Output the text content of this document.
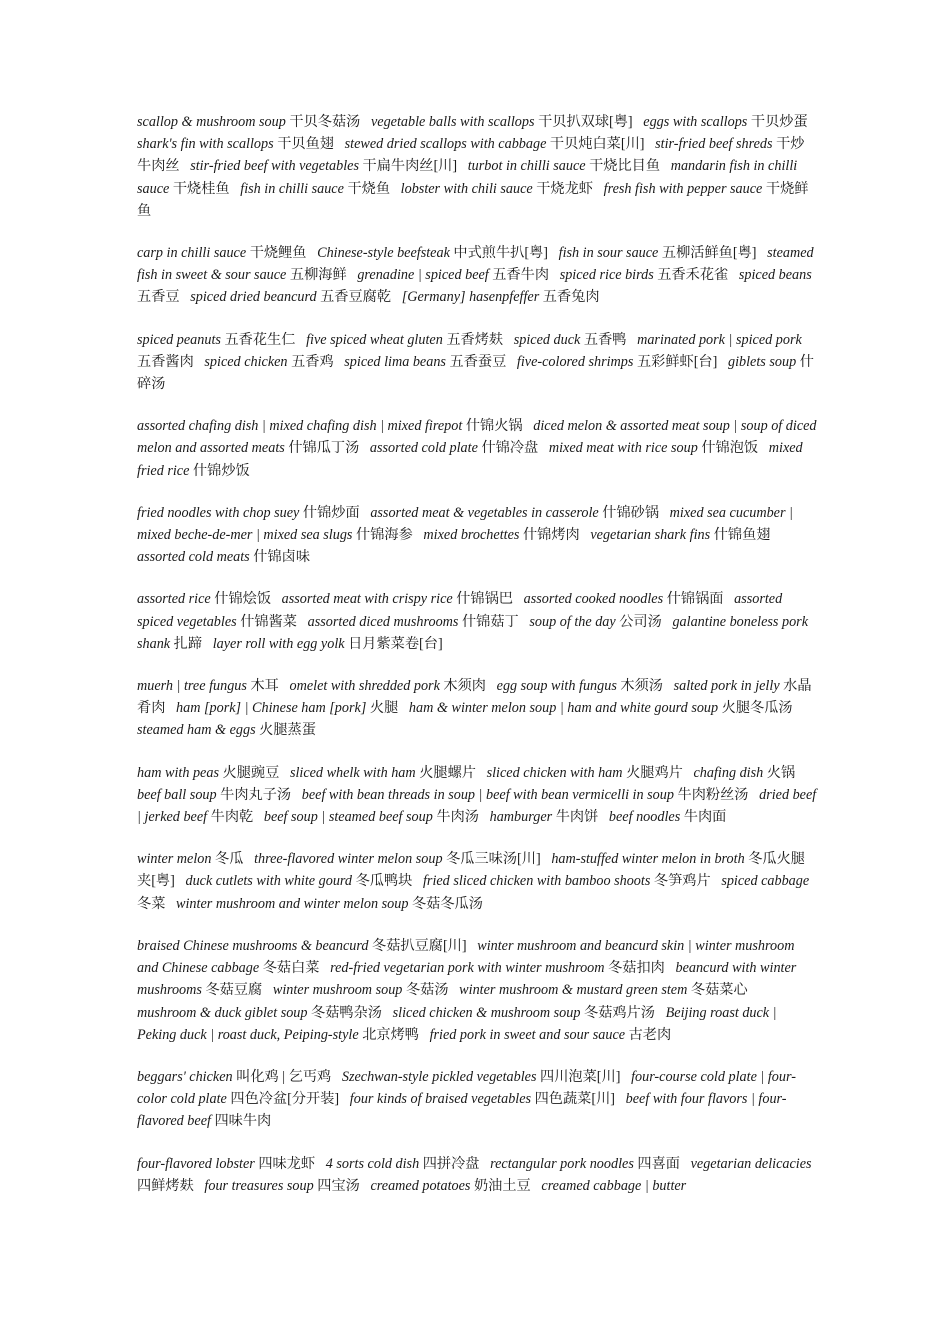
scallop & mushroom soup 干贝冬菇汤  vegetable balls with scallops 干贝扒双球[粤]  eggs with scallops 干贝炒蛋  shark's fin with scallops 干贝鱼翅  stewed dried scallops with cabbage 干贝炖白菜[川]  stir-fried beef shreds 干炒牛肉丝  stir-fried beef with vegetables 干扁牛肉丝[川]  turbot in chilli sauce 干烧比目鱼  mandarin fish in chilli sauce 干烧桂鱼  fish in chilli sauce 干烧鱼  lobster with chili sauce 干烧龙虾  fresh fish with pepper sauce 干烧鲜鱼

carp in chilli sauce 干烧鲤鱼  Chinese-style beefsteak 中式煎牛扒[粤]  fish in sour sauce 五柳活鲜鱼[粤]  steamed fish in sweet & sour sauce 五柳海鲜  grenadine | spiced beef 五香牛肉  spiced rice birds 五香禾花雀  spiced beans 五香豆  spiced dried beancurd 五香豆腐乾  [Germany] hasenpfeffer 五香兔肉

spiced peanuts 五香花生仁  five spiced wheat gluten 五香烤麸  spiced duck 五香鸭  marinated pork | spiced pork 五香酱肉  spiced chicken 五香鸡  spiced lima beans 五香蚕豆  five-colored shrimps 五彩鲜虾[台]  giblets soup 什碎汤

assorted chafing dish | mixed chafing dish | mixed firepot 什锦火锅  diced melon & assorted meat soup | soup of diced melon and assorted meats 什锦瓜丁汤  assorted cold plate 什锦冷盘  mixed meat with rice soup 什锦泡饭  mixed fried rice 什锦炒饭

fried noodles with chop suey 什锦炒面  assorted meat & vegetables in casserole 什锦砂锅  mixed sea cucumber | mixed beche-de-mer | mixed sea slugs 什锦海参  mixed brochettes 什锦烤肉  vegetarian shark fins 什锦鱼翅  assorted cold meats 什锦卤味

assorted rice 什锦烩饭  assorted meat with crispy rice 什锦锅巴  assorted cooked noodles 什锦锅面  assorted spiced vegetables 什锦酱菜  assorted diced mushrooms 什锦菇丁  soup of the day 公司汤  galantine boneless pork shank 扎蹄  layer roll with egg yolk 日月紫菜卷[台]

muerh | tree fungus 木耳  omelet with shredded pork 木须肉  egg soup with fungus 木须汤  salted pork in jelly 水晶肴肉  ham [pork] | Chinese ham [pork] 火腿  ham & winter melon soup | ham and white gourd soup 火腿冬瓜汤  steamed ham & eggs 火腿蒸蛋

ham with peas 火腿豌豆  sliced whelk with ham 火腿螺片  sliced chicken with ham 火腿鸡片  chafing dish 火锅  beef ball soup 牛肉丸子汤  beef with bean threads in soup | beef with bean vermicelli in soup 牛肉粉丝汤  dried beef | jerked beef 牛肉乾  beef soup | steamed beef soup 牛肉汤  hamburger 牛肉饼  beef noodles 牛肉面

winter melon 冬瓜  three-flavored winter melon soup 冬瓜三味汤[川]  ham-stuffed winter melon in broth 冬瓜火腿夹[粤]  duck cutlets with white gourd 冬瓜鸭块  fried sliced chicken with bamboo shoots 冬笋鸡片  spiced cabbage 冬菜  winter mushroom and winter melon soup 冬菇冬瓜汤

braised Chinese mushrooms & beancurd 冬菇扒豆腐[川]  winter mushroom and beancurd skin | winter mushroom and Chinese cabbage 冬菇白菜  red-fried vegetarian pork with winter mushroom 冬菇扣肉  beancurd with winter mushrooms 冬菇豆腐  winter mushroom soup 冬菇汤  winter mushroom & mustard green stem 冬菇菜心  mushroom & duck giblet soup 冬菇鸭杂汤  sliced chicken & mushroom soup 冬菇鸡片汤  Beijing roast duck | Peking duck | roast duck, Peiping-style 北京烤鸭  fried pork in sweet and sour sauce 古老肉

beggars' chicken 叫化鸡 | 乞丐鸡  Szechwan-style pickled vegetables 四川泡菜[川]  four-course cold plate | four-color cold plate 四色冷盆[分开装]  four kinds of braised vegetables 四色蔬菜[川]  beef with four flavors | four-flavored beef 四味牛肉

four-flavored lobster 四味龙虾  4 sorts cold dish 四拼冷盘  rectangular pork noodles 四喜面  vegetarian delicacies 四鲜烤麸  four treasures soup 四宝汤  creamed potatoes 奶油土豆  creamed cabbage | butter
